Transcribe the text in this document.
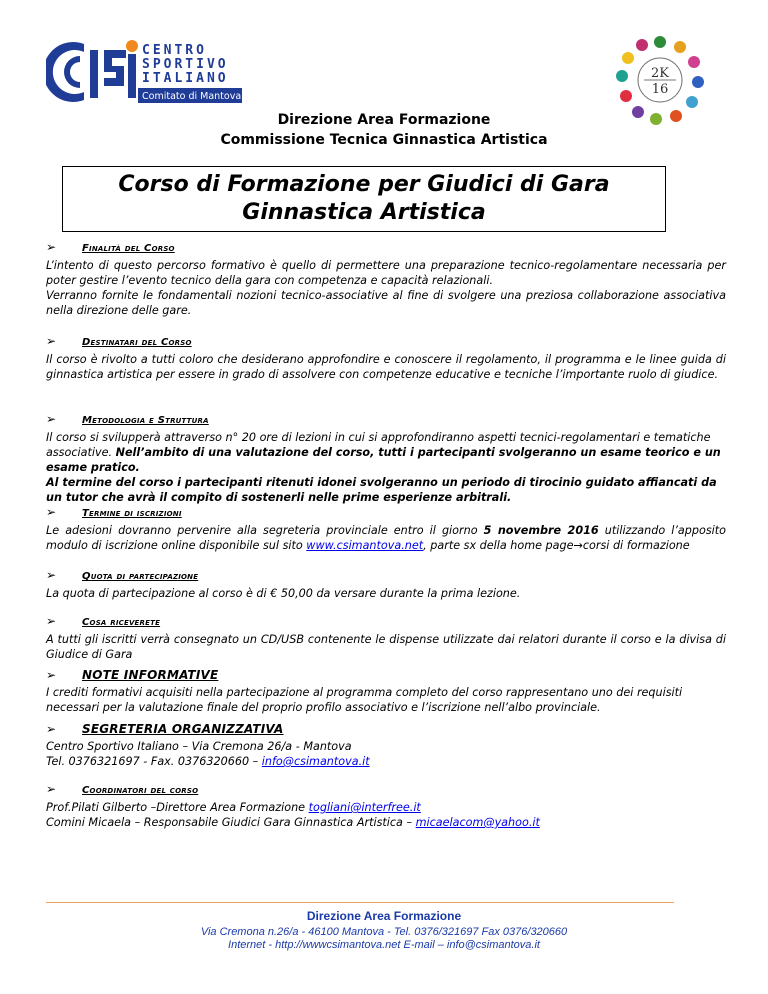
CENTRO
SPORTIVO
ITALIANO
Comitato di Mantova
2K
16
Direzione Area Formazione
Commissione Tecnica Ginnastica Artistica
Corso di Formazione per Giudici di Gara
Ginnastica Artistica
➢	Finalità del Corso

L’intento di questo percorso formativo è quello di permettere una preparazione tecnico-regolamentare necessaria per poter gestire l’evento tecnico della gara con competenza e capacità relazionali.

Verranno fornite le fondamentali nozioni tecnico-associative al fine di svolgere una preziosa collaborazione associativa nella direzione delle gare.

➢	Destinatari del Corso

Il corso è rivolto a tutti coloro che desiderano approfondire e conoscere il regolamento, il programma e le linee guida di ginnastica artistica per essere in grado di assolvere con competenze educative e tecniche l’importante ruolo di giudice.

➢	Metodologia e Struttura

Il corso si svilupperà attraverso n° 20 ore di lezioni in cui si approfondiranno aspetti tecnici-regolamentari e tematiche associative. Nell’ambito di una valutazione del corso, tutti i partecipanti svolgeranno un esame teorico e un esame pratico.

Al termine del corso i partecipanti ritenuti idonei svolgeranno un periodo di tirocinio guidato affiancati da un tutor che avrà il compito di sostenerli nelle prime esperienze arbitrali.

➢	Termine di iscrizioni

Le adesioni dovranno pervenire alla segreteria provinciale entro il giorno 5 novembre 2016 utilizzando l’apposito modulo di iscrizione online disponibile sul sito www.csimantova.net, parte sx della home page→corsi di formazione

➢	Quota di partecipazione

La quota di partecipazione al corso è di € 50,00 da versare durante la prima lezione.

➢	Cosa riceverete

A tutti gli iscritti verrà consegnato un CD/USB contenente le dispense utilizzate dai relatori durante il corso e la divisa di Giudice di Gara

➢	NOTE INFORMATIVE

I crediti formativi acquisiti nella partecipazione al programma completo del corso rappresentano uno dei requisiti necessari per la valutazione finale del proprio profilo associativo e l’iscrizione nell’albo provinciale.

➢	SEGRETERIA ORGANIZZATIVA

Centro Sportivo Italiano – Via Cremona 26/a - Mantova

Tel. 0376321697 - Fax. 0376320660 – info@csimantova.it

➢	Coordinatori del corso

Prof.Pilati Gilberto –Direttore Area Formazione togliani@interfree.it

Comini Micaela – Responsabile Giudici Gara Ginnastica Artistica – micaelacom@yahoo.it

Direzione Area Formazione
Via Cremona n.26/a - 46100 Mantova - Tel. 0376/321697 Fax 0376/320660
Internet - http://wwwcsimantova.net E-mail – info@csimantova.it
